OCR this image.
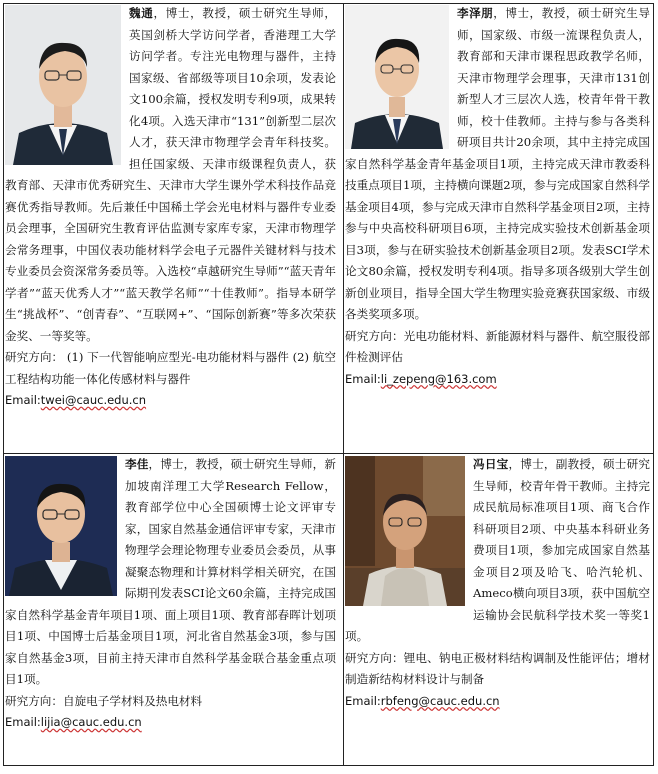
魏通，博士，教授，硕士研究生导师，英国剑桥大学访问学者，香港理工大学访问学者。专注光电物理与器件，主持国家级、省部级等项目10余项，发表论文100余篇，授权发明专利9项，成果转化4项。入选天津市“131”创新型二层次人才，获天津市物理学会青年科技奖。担任国家级、天津市级课程负责人，获教育部、天津市优秀研究生、天津市大学生课外学术科技作品竞赛优秀指导教师。先后兼任中国稀土学会光电材料与器件专业委员会理事，全国研究生教育评估监测专家库专家，天津市物理学会常务理事，中国仪表功能材料学会电子元器件关键材料与技术专业委员会资深常务委员等。入选校“卓越研究生导师”“蓝天青年学者”“蓝天优秀人才”“蓝天教学名师”“十佳教师”。指导本研学生“挑战杯”、“创青春”、“互联网+”、“国际创新赛”等多次荣获金奖、一等奖等。
研究方向： (1) 下一代智能响应型光-电功能材料与器件 (2) 航空工程结构功能一体化传感材料与器件
Email:twei@cauc.edu.cn
李泽朋，博士，教授，硕士研究生导师，国家级、市级一流课程负责人，教育部和天津市课程思政教学名师，天津市物理学会理事，天津市131创新型人才三层次人选，校青年骨干教师，校十佳教师。主持与参与各类科研项目共计20余项，其中主持完成国家自然科学基金青年基金项目1项，主持完成天津市教委科技重点项目1项，主持横向课题2项，参与完成国家自然科学基金项目4项，参与完成天津市自然科学基金项目2项，主持参与中央高校科研项目6项，主持完成实验技术创新基金项目3项，参与在研实验技术创新基金项目2项。发表SCI学术论文80余篇，授权发明专利4项。指导多项各级别大学生创新创业项目，指导全国大学生物理实验竞赛获国家级、市级各类奖项多项。
研究方向：光电功能材料、新能源材料与器件、航空服役部件检测评估
Email:li_zepeng@163.com
李佳，博士，教授，硕士研究生导师，新加坡南洋理工大学Research Fellow，教育部学位中心全国硕博士论文评审专家，国家自然基金通信评审专家，天津市物理学会理论物理专业委员会委员，从事凝聚态物理和计算材料学相关研究，在国际期刊发表SCI论文60余篇，主持完成国家自然科学基金青年项目1项、面上项目1项、教育部春晖计划项目1项、中国博士后基金项目1项，河北省自然基金3项，参与国家自然基金3项，目前主持天津市自然科学基金联合基金重点项目1项。
研究方向：自旋电子学材料及热电材料
Email:lijia@cauc.edu.cn
冯日宝，博士，副教授，硕士研究生导师，校青年骨干教师。主持完成民航局标准项目1项、商飞合作科研项目2项、中央基本科研业务费项目1项，参加完成国家自然基金项目2项及哈飞、哈汽轮机、Ameco横向项目3项，获中国航空运输协会民航科学技术奖一等奖1项。
研究方向：锂电、钠电正极材料结构调制及性能评估；增材制造新结构材料设计与制备
Email:rbfeng@cauc.edu.cn
